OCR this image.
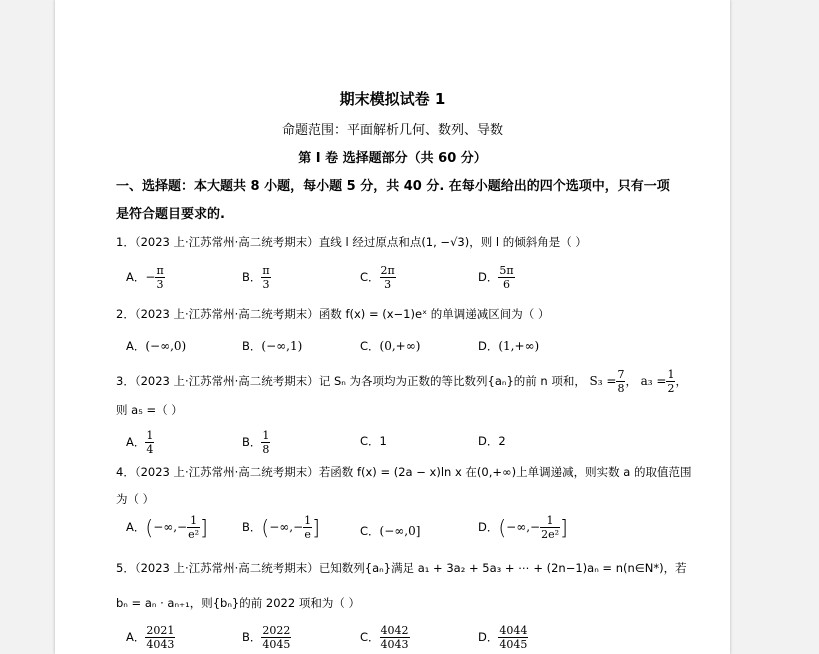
期末模拟试卷 1
命题范围：平面解析几何、数列、导数
第 I 卷 选择题部分（共 60 分）
一、选择题：本大题共 8 小题，每小题 5 分，共 40 分. 在每小题给出的四个选项中，只有一项
是符合题目要求的.
1．（2023 上·江苏常州·高二统考期末）直线 l 经过原点和点(1, −√3)，则 l 的倾斜角是（ ）
A．− $\frac{\pi}{3}$	B． $\frac{\pi}{3}$	C． $\frac{2\pi}{3}$	D． $\frac{5\pi}{6}$
2．（2023 上·江苏常州·高二统考期末）函数 f(x) = (x−1)eˣ 的单调递减区间为（ ）
A．(−∞,0)	B．(−∞,1)	C．(0,+∞)	D．(1,+∞)
3．（2023 上·江苏常州·高二统考期末）记 Sₙ 为各项均为正数的等比数列{aₙ}的前 n 项和， $S_3 = \frac{7}{8}$ ， $a_3 = \frac{1}{2}$ ，
则 a₅ =（ ）
A． $\frac{1}{4}$	B． $\frac{1}{8}$	C．1	D．2
4．（2023 上·江苏常州·高二统考期末）若函数 f(x) = (2a − x)ln x 在(0,+∞)上单调递减，则实数 a 的取值范围
为（ ）
A．(−∞,− $\frac{1}{\text{e²}}$ ]	B．(−∞,− $\frac{1}{e}$ ]	C．(−∞,0]	D．(−∞,− $\frac{1}{\text{2e²}}$ ]
5．（2023 上·江苏常州·高二统考期末）已知数列{aₙ}满足 a₁ + 3a₂ + 5a₃ + ⋯ + (2n−1)aₙ = n(n∈N*)，若
bₙ = aₙ · aₙ₊₁，则{bₙ}的前 2022 项和为（ ）
A． $\frac{2021}{4043}$	B． $\frac{2022}{4045}$	C． $\frac{4042}{4043}$	D． $\frac{4044}{4045}$
